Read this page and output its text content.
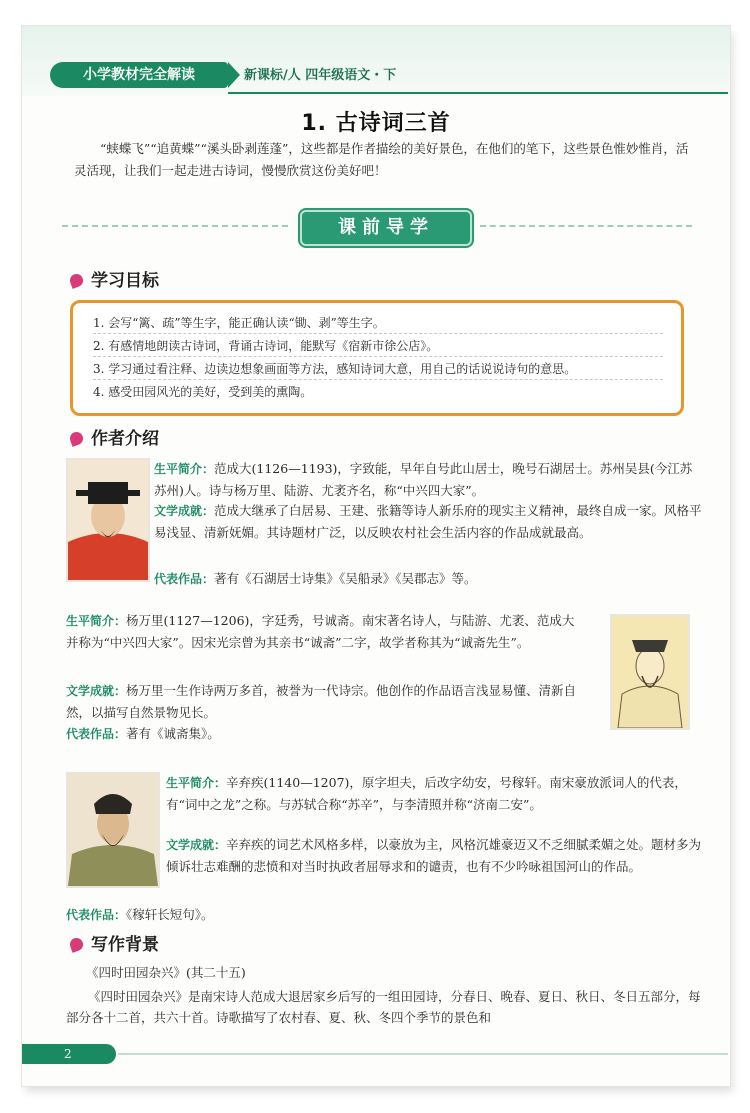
小学教材完全解读	新课标/人 四年级语文・下
1. 古诗词三首
“蛱蝶飞”“追黄蝶”“溪头卧剥莲蓬”，这些都是作者描绘的美好景色，在他们的笔下，这些景色惟妙惟肖，活灵活现，让我们一起走进古诗词，慢慢欣赏这份美好吧！
课前导学
学习目标
1. 会写“篱、疏”等生字，能正确认读“锄、剥”等生字。
2. 有感情地朗读古诗词，背诵古诗词，能默写《宿新市徐公店》。
3. 学习通过看注释、边读边想象画面等方法，感知诗词大意，用自己的话说说诗句的意思。
4. 感受田园风光的美好，受到美的熏陶。
作者介绍
生平简介：范成大(1126—1193)，字致能，早年自号此山居士，晚号石湖居士。苏州吴县(今江苏苏州)人。诗与杨万里、陆游、尤袤齐名，称“中兴四大家”。
文学成就：范成大继承了白居易、王建、张籍等诗人新乐府的现实主义精神，最终自成一家。风格平易浅显、清新妩媚。其诗题材广泛，以反映农村社会生活内容的作品成就最高。
代表作品：著有《石湖居士诗集》《吴船录》《吴郡志》等。
生平简介：杨万里(1127—1206)，字廷秀，号诚斋。南宋著名诗人，与陆游、尤袤、范成大并称为“中兴四大家”。因宋光宗曾为其亲书“诚斋”二字，故学者称其为“诚斋先生”。
文学成就：杨万里一生作诗两万多首，被誉为一代诗宗。他创作的作品语言浅显易懂、清新自然，以描写自然景物见长。
代表作品：著有《诚斋集》。
生平简介：辛弃疾(1140—1207)，原字坦夫，后改字幼安，号稼轩。南宋豪放派词人的代表，有“词中之龙”之称。与苏轼合称“苏辛”，与李清照并称“济南二安”。
文学成就：辛弃疾的词艺术风格多样，以豪放为主，风格沉雄豪迈又不乏细腻柔媚之处。题材多为倾诉壮志难酬的悲愤和对当时执政者屈辱求和的谴责，也有不少吟咏祖国河山的作品。
代表作品：《稼轩长短句》。
写作背景
《四时田园杂兴》(其二十五)
《四时田园杂兴》是南宋诗人范成大退居家乡后写的一组田园诗，分春日、晚春、夏日、秋日、冬日五部分，每部分各十二首，共六十首。诗歌描写了农村春、夏、秋、冬四个季节的景色和
2
